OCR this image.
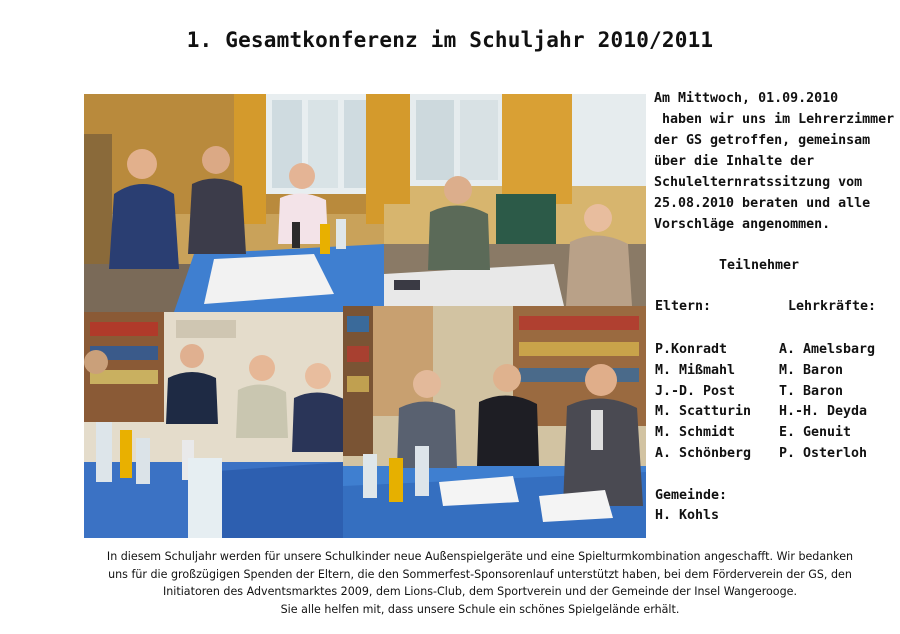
1. Gesamtkonferenz im Schuljahr 2010/2011
Am Mittwoch, 01.09.2010
haben wir uns im Lehrerzimmer
der GS getroffen, gemeinsam
über die Inhalte der
Schulelternratssitzung vom
25.08.2010 beraten und alle
Vorschläge angenommen.
Teilnehmer
Eltern:	Lehrkräfte:
P.Konradt
M. Mißmahl
J.-D. Post
M. Scatturin
M. Schmidt
A. Schönberg
A. Amelsbarg
M. Baron
T. Baron
H.-H. Deyda
E. Genuit
P. Osterloh
Gemeinde:
H. Kohls
In diesem Schuljahr werden für unsere Schulkinder neue Außenspielgeräte und eine Spielturmkombination angeschafft. Wir bedanken
uns für die großzügigen Spenden der Eltern, die den Sommerfest-Sponsorenlauf unterstützt haben, bei dem Förderverein der GS, den
Initiatoren des Adventsmarktes 2009, dem Lions-Club, dem Sportverein und der Gemeinde der Insel Wangerooge.
Sie alle helfen mit, dass unsere Schule ein schönes Spielgelände erhält.
